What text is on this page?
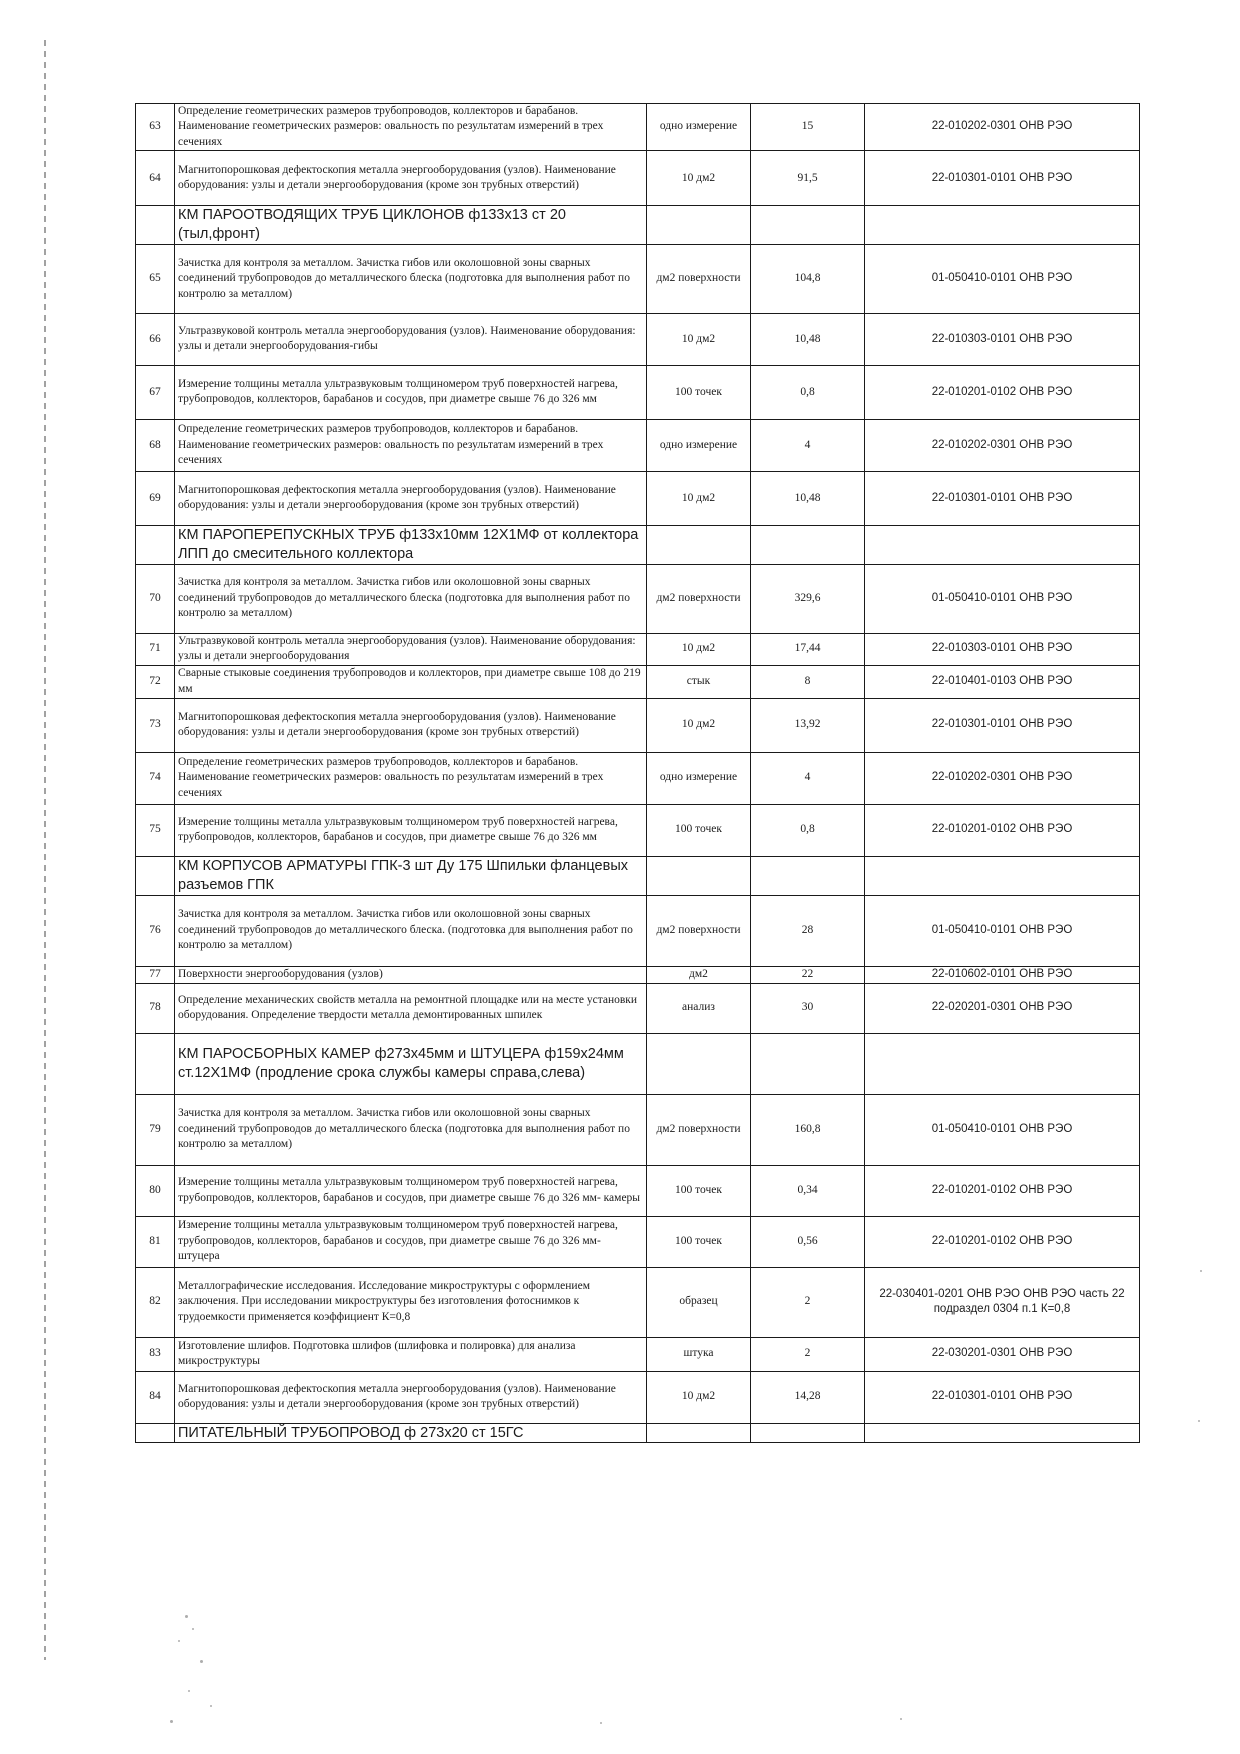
63	Определение геометрических размеров трубопроводов, коллекторов и барабанов. Наименование геометрических размеров: овальность по результатам измерений в трех сечениях	одно измерение	15	22-010202-0301 ОНВ РЭО
64	Магнитопорошковая дефектоскопия металла энергооборудования (узлов). Наименование оборудования: узлы и детали энергооборудования (кроме зон трубных отверстий)	10 дм2	91,5	22-010301-0101 ОНВ РЭО
	КМ ПАРООТВОДЯЩИХ ТРУБ ЦИКЛОНОВ ф133х13 ст 20 (тыл,фронт)			
65	Зачистка для контроля за металлом. Зачистка гибов или околошовной зоны сварных соединений трубопроводов до металлического блеска (подготовка для выполнения работ по контролю за металлом)	дм2 поверхности	104,8	01-050410-0101 ОНВ РЭО
66	Ультразвуковой контроль металла энергооборудования (узлов). Наименование оборудования: узлы и детали энергооборудования-гибы	10 дм2	10,48	22-010303-0101 ОНВ РЭО
67	Измерение толщины металла ультразвуковым толщиномером труб поверхностей нагрева, трубопроводов, коллекторов, барабанов и сосудов, при диаметре свыше 76 до 326 мм	100 точек	0,8	22-010201-0102 ОНВ РЭО
68	Определение геометрических размеров трубопроводов, коллекторов и барабанов. Наименование геометрических размеров: овальность по результатам измерений в трех сечениях	одно измерение	4	22-010202-0301 ОНВ РЭО
69	Магнитопорошковая дефектоскопия металла энергооборудования (узлов). Наименование оборудования: узлы и детали энергооборудования (кроме зон трубных отверстий)	10 дм2	10,48	22-010301-0101 ОНВ РЭО
	КМ ПАРОПЕРЕПУСКНЫХ ТРУБ ф133х10мм 12Х1МФ от коллектора ЛПП до смесительного коллектора			
70	Зачистка для контроля за металлом. Зачистка гибов или околошовной зоны сварных соединений трубопроводов до металлического блеска (подготовка для выполнения работ по контролю за металлом)	дм2 поверхности	329,6	01-050410-0101 ОНВ РЭО
71	Ультразвуковой контроль металла энергооборудования (узлов). Наименование оборудования: узлы и детали энергооборудования	10 дм2	17,44	22-010303-0101 ОНВ РЭО
72	Сварные стыковые соединения трубопроводов и коллекторов, при диаметре свыше 108 до 219 мм	стык	8	22-010401-0103 ОНВ РЭО
73	Магнитопорошковая дефектоскопия металла энергооборудования (узлов). Наименование оборудования: узлы и детали энергооборудования (кроме зон трубных отверстий)	10 дм2	13,92	22-010301-0101 ОНВ РЭО
74	Определение геометрических размеров трубопроводов, коллекторов и барабанов. Наименование геометрических размеров: овальность по результатам измерений в трех сечениях	одно измерение	4	22-010202-0301 ОНВ РЭО
75	Измерение толщины металла ультразвуковым толщиномером труб поверхностей нагрева, трубопроводов, коллекторов, барабанов и сосудов, при диаметре свыше 76 до 326 мм	100 точек	0,8	22-010201-0102 ОНВ РЭО
	КМ КОРПУСОВ АРМАТУРЫ ГПК-3 шт Ду 175 Шпильки фланцевых разъемов ГПК			
76	Зачистка для контроля за металлом. Зачистка гибов или околошовной зоны сварных соединений трубопроводов до металлического блеска. (подготовка для выполнения работ по контролю за металлом)	дм2 поверхности	28	01-050410-0101 ОНВ РЭО
77	Поверхности энергооборудования (узлов)	дм2	22	22-010602-0101 ОНВ РЭО
78	Определение механических свойств металла на ремонтной площадке или на месте установки оборудования. Определение твердости металла демонтированных шпилек	анализ	30	22-020201-0301 ОНВ РЭО
	КМ ПАРОСБОРНЫХ КАМЕР ф273х45мм и ШТУЦЕРА ф159х24мм ст.12Х1МФ (продление срока службы камеры справа,слева)			
79	Зачистка для контроля за металлом. Зачистка гибов или околошовной зоны сварных соединений трубопроводов до металлического блеска (подготовка для выполнения работ по контролю за металлом)	дм2 поверхности	160,8	01-050410-0101 ОНВ РЭО
80	Измерение толщины металла ультразвуковым толщиномером труб поверхностей нагрева, трубопроводов, коллекторов, барабанов и сосудов, при диаметре свыше 76 до 326 мм- камеры	100 точек	0,34	22-010201-0102 ОНВ РЭО
81	Измерение толщины металла ультразвуковым толщиномером труб поверхностей нагрева, трубопроводов, коллекторов, барабанов и сосудов, при диаметре свыше 76 до 326 мм- штуцера	100 точек	0,56	22-010201-0102 ОНВ РЭО
82	Металлографические исследования. Исследование микроструктуры с оформлением заключения. При исследовании микроструктуры без изготовления фотоснимков к трудоемкости применяется коэффициент К=0,8	образец	2	22-030401-0201 ОНВ РЭО ОНВ РЭО часть 22 подраздел 0304 п.1 К=0,8
83	Изготовление шлифов. Подготовка шлифов (шлифовка и полировка) для анализа микроструктуры	штука	2	22-030201-0301 ОНВ РЭО
84	Магнитопорошковая дефектоскопия металла энергооборудования (узлов). Наименование оборудования: узлы и детали энергооборудования (кроме зон трубных отверстий)	10 дм2	14,28	22-010301-0101 ОНВ РЭО
	ПИТАТЕЛЬНЫЙ ТРУБОПРОВОД ф 273х20 ст 15ГС			
